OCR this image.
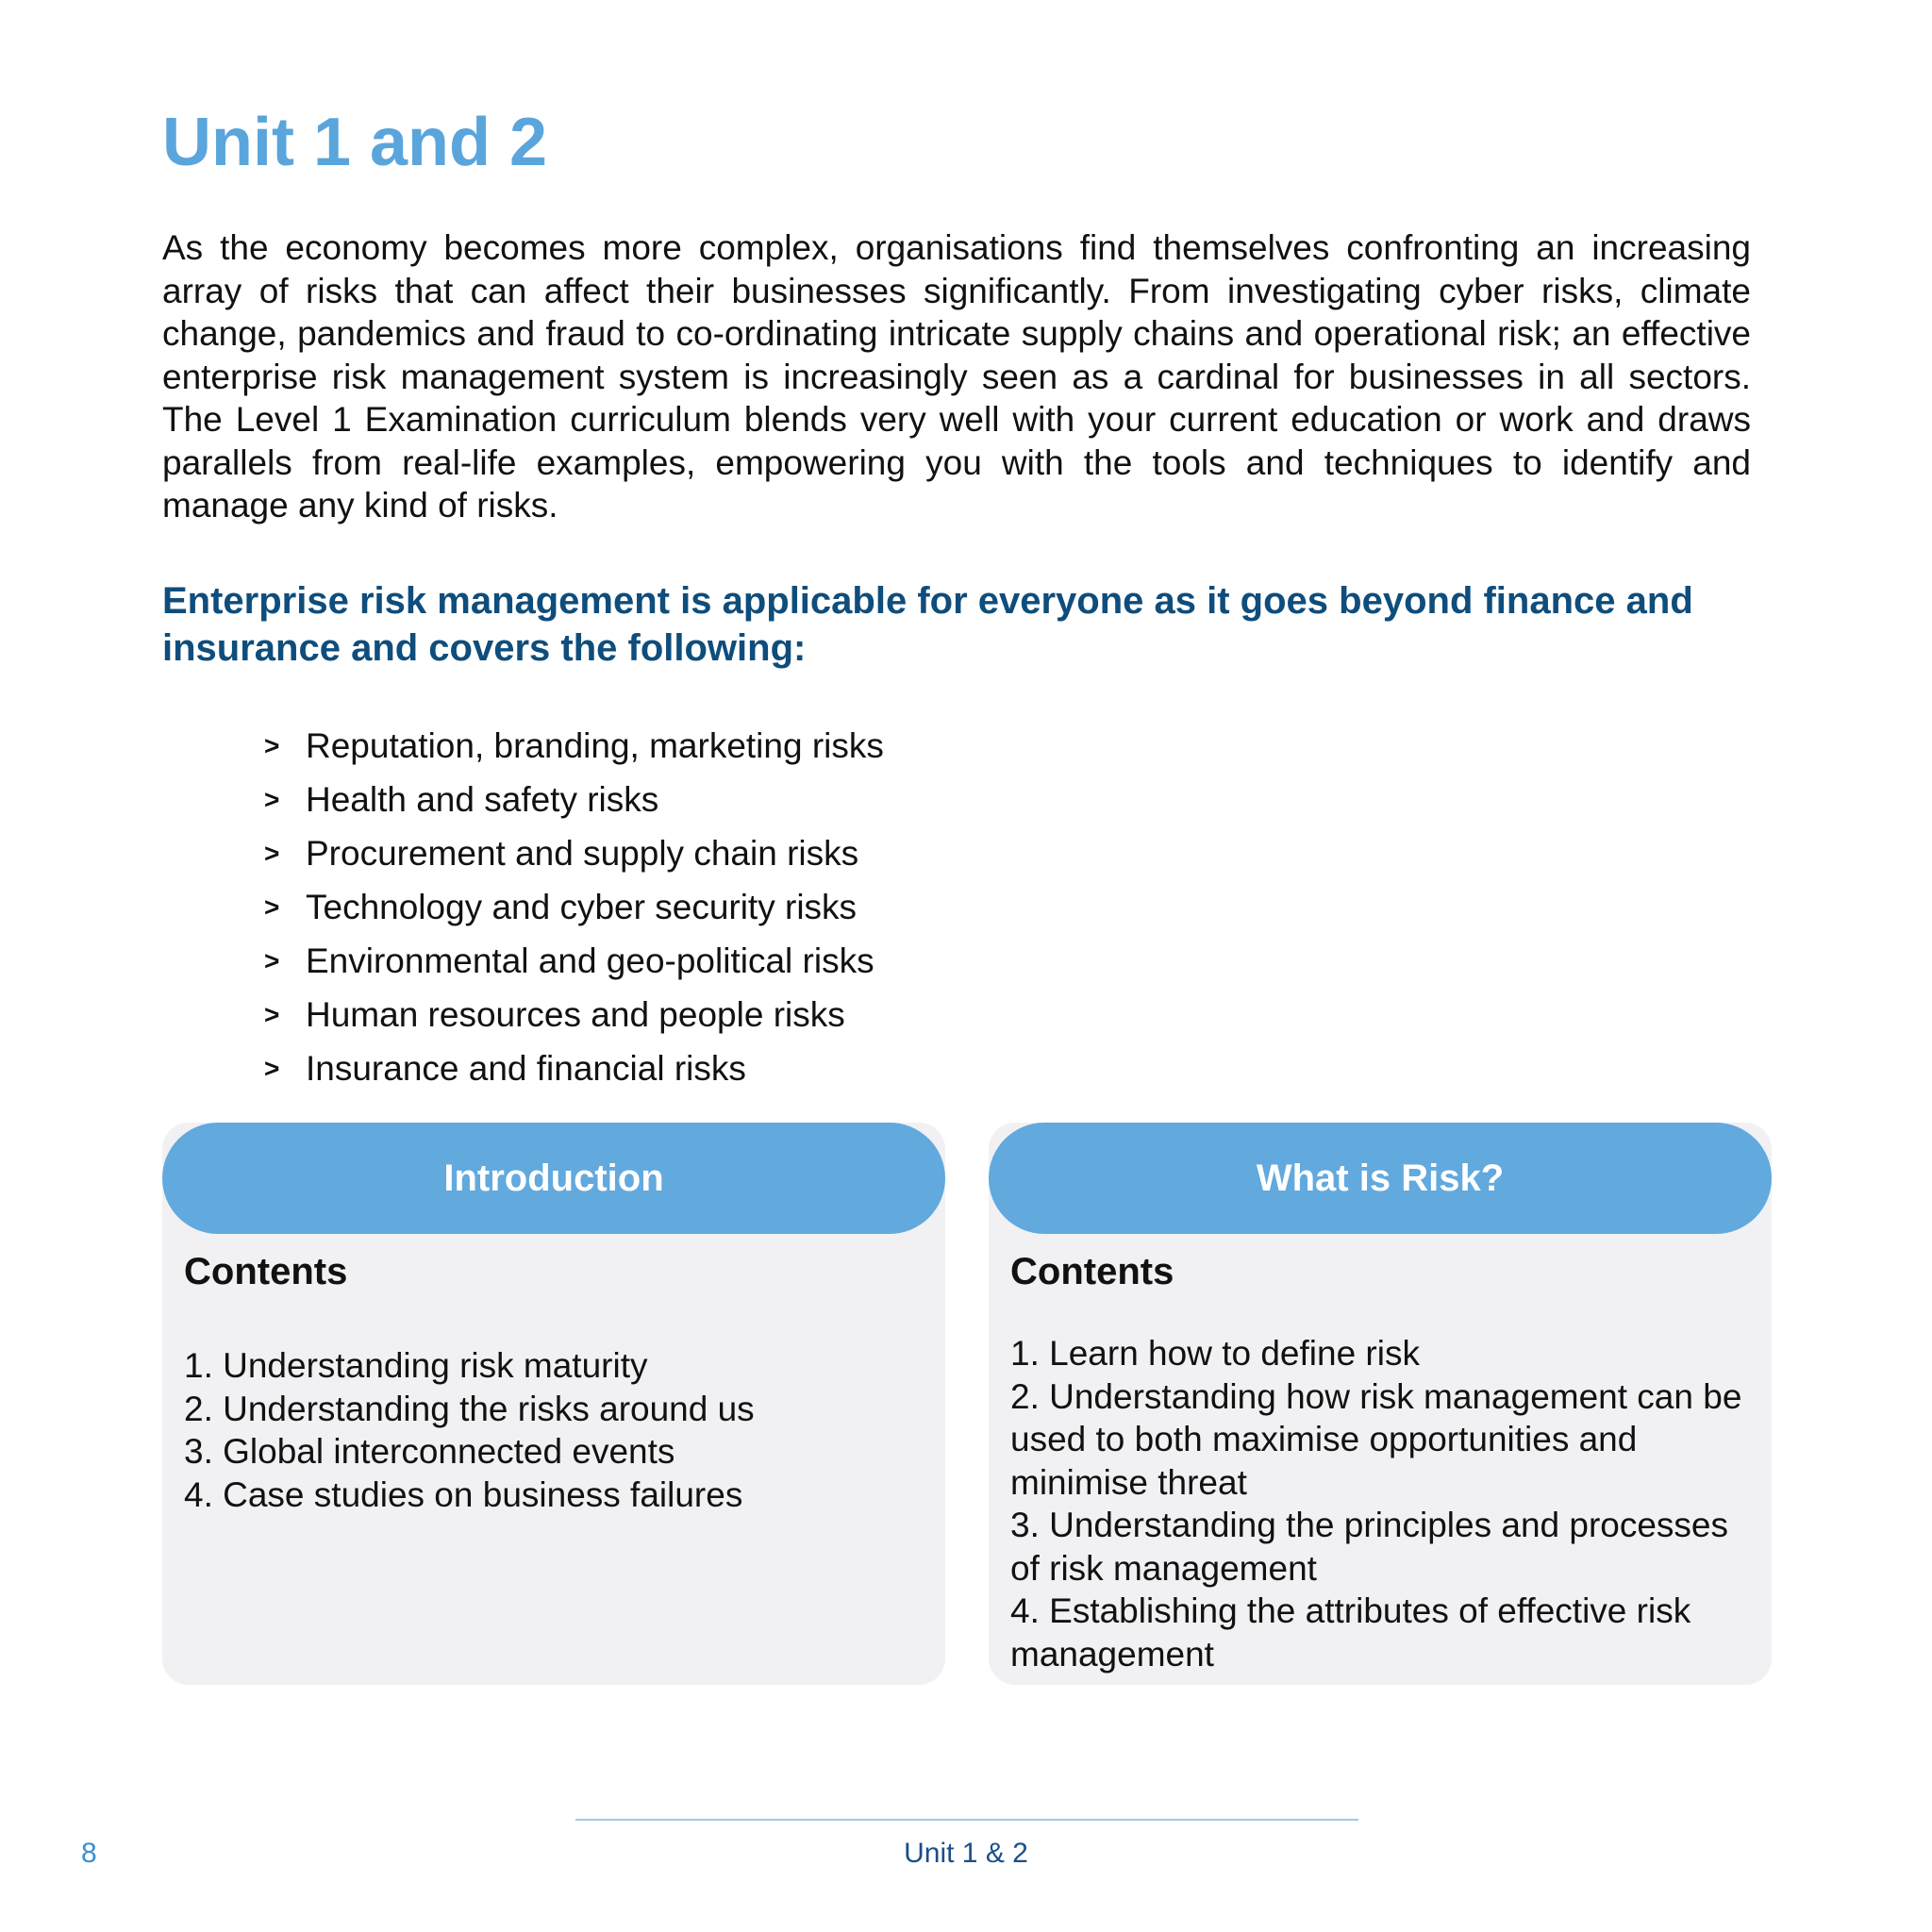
Unit 1 and 2

As the economy becomes more complex, organisations find themselves confronting an increasing array of risks that can affect their businesses significantly. From investigating cyber risks, climate change, pandemics and fraud to co-ordinating intricate supply chains and operational risk; an effective enterprise risk management system is increasingly seen as a cardinal for businesses in all sectors. The Level 1 Examination curriculum blends very well with your current education or work and draws parallels from real-life examples, empowering you with the tools and techniques to identify and manage any kind of risks.

Enterprise risk management is applicable for everyone as it goes beyond finance and insurance and covers the following:
> Reputation, branding, marketing risks
> Health and safety risks
> Procurement and supply chain risks
> Technology and cyber security risks
> Environmental and geo-political risks
> Human resources and people risks
> Insurance and financial risks
Introduction
Contents
1. Understanding risk maturity
2. Understanding the risks around us
3. Global interconnected events
4. Case studies on business failures
What is Risk?
Contents
1. Learn how to define risk
2. Understanding how risk management can be used to both maximise opportunities and minimise threat
3. Understanding the principles and processes of risk management
4. Establishing the attributes of effective risk management
8	Unit 1 & 2
